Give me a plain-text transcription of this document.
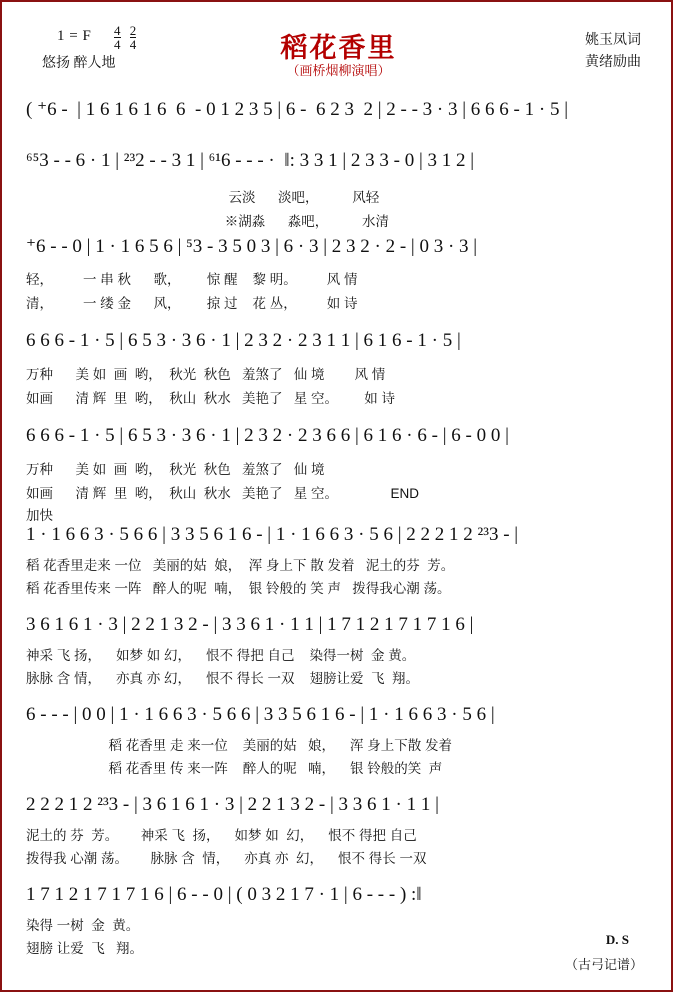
1 = F $\frac{4}{4}$
$\frac{2}{4}$
悠扬 醉人地
稻花香里
（画桥烟柳演唱）
姚玉凤词
黄绪励曲
( ⁺6 -  | 1 6 1 6 1 6  6  - 0 1 2 3 5 | 6 -  6 2 3  2 | 2 - - 3 · 3 | 6 6 6 - 1 · 5 |
⁶⁵3 - - 6 · 1 | ²³2 - - 3 1 | ⁶¹6 - - - ·  ‖: 3 3 1 | 2 3 3 - 0 | 3 1 2 |
云淡      淡吧，         风轻
※湖淼      淼吧，         水清
⁺6 - - 0 | 1 · 1 6 5 6 | ⁵3 - 3 5 0 3 | 6 · 3 | 2 3 2 · 2 - | 0 3 · 3 |
轻，        一 串 秋      歌，       惊 醒    黎 明。        风 情
清，        一 缕 金      风，       掠 过    花 丛，        如 诗
6 6 6 - 1 · 5 | 6 5 3 · 3 6 · 1 | 2 3 2 · 2 3 1 1 | 6 1 6 - 1 · 5 |
万种      美 如  画  哟，  秋光  秋色   羞煞了   仙 境        风 情
如画      清 辉  里  哟，  秋山  秋水   美艳了   星 空。       如 诗
6 6 6 - 1 · 5 | 6 5 3 · 3 6 · 1 | 2 3 2 · 2 3 6 6 | 6 1 6 · 6 - | 6 - 0 0 |
万种      美 如  画  哟，  秋光  秋色   羞煞了   仙 境
如画      清 辉  里  哟，  秋山  秋水   美艳了   星 空。              END
加快
1 · 1 6 6 3 · 5 6 6 | 3 3 5 6 1 6 - | 1 · 1 6 6 3 · 5 6 | 2 2 2 1 2 ²³3 - |
稻 花香里走来 一位   美丽的姑  娘，  浑 身上下 散 发着   泥土的芬  芳。
稻 花香里传来 一阵   醉人的呢  喃，  银 铃般的 笑 声   拨得我心潮 荡。
3 6 1 6 1 · 3 | 2 2 1 3 2 - | 3 3 6 1 · 1 1 | 1 7 1 2 1 7 1 7 1 6 |
神采 飞 扬，    如梦 如 幻，    恨不 得把 自己    染得一树  金 黄。
脉脉 含 情，    亦真 亦 幻，    恨不 得长 一双    翅膀让爱  飞  翔。
6 - - - | 0 0 | 1 · 1 6 6 3 · 5 6 6 | 3 3 5 6 1 6 - | 1 · 1 6 6 3 · 5 6 |
稻 花香里 走 来一位    美丽的姑   娘，    浑 身上下散 发着
稻 花香里 传 来一阵    醉人的呢   喃，    银 铃般的笑  声
2 2 2 1 2 ²³3 - | 3 6 1 6 1 · 3 | 2 2 1 3 2 - | 3 3 6 1 · 1 1 |
泥土的 芬  芳。      神采 飞  扬，    如梦 如  幻，    恨不 得把 自己
拨得我 心潮 荡。      脉脉 含  情，    亦真 亦  幻，    恨不 得长 一双
1 7 1 2 1 7 1 7 1 6 | 6 - - 0 | ( 0 3 2 1 7 · 1 | 6 - - - ) :‖
染得 一树  金  黄。
翅膀 让爱  飞   翔。
D. S
（古弓记谱）
